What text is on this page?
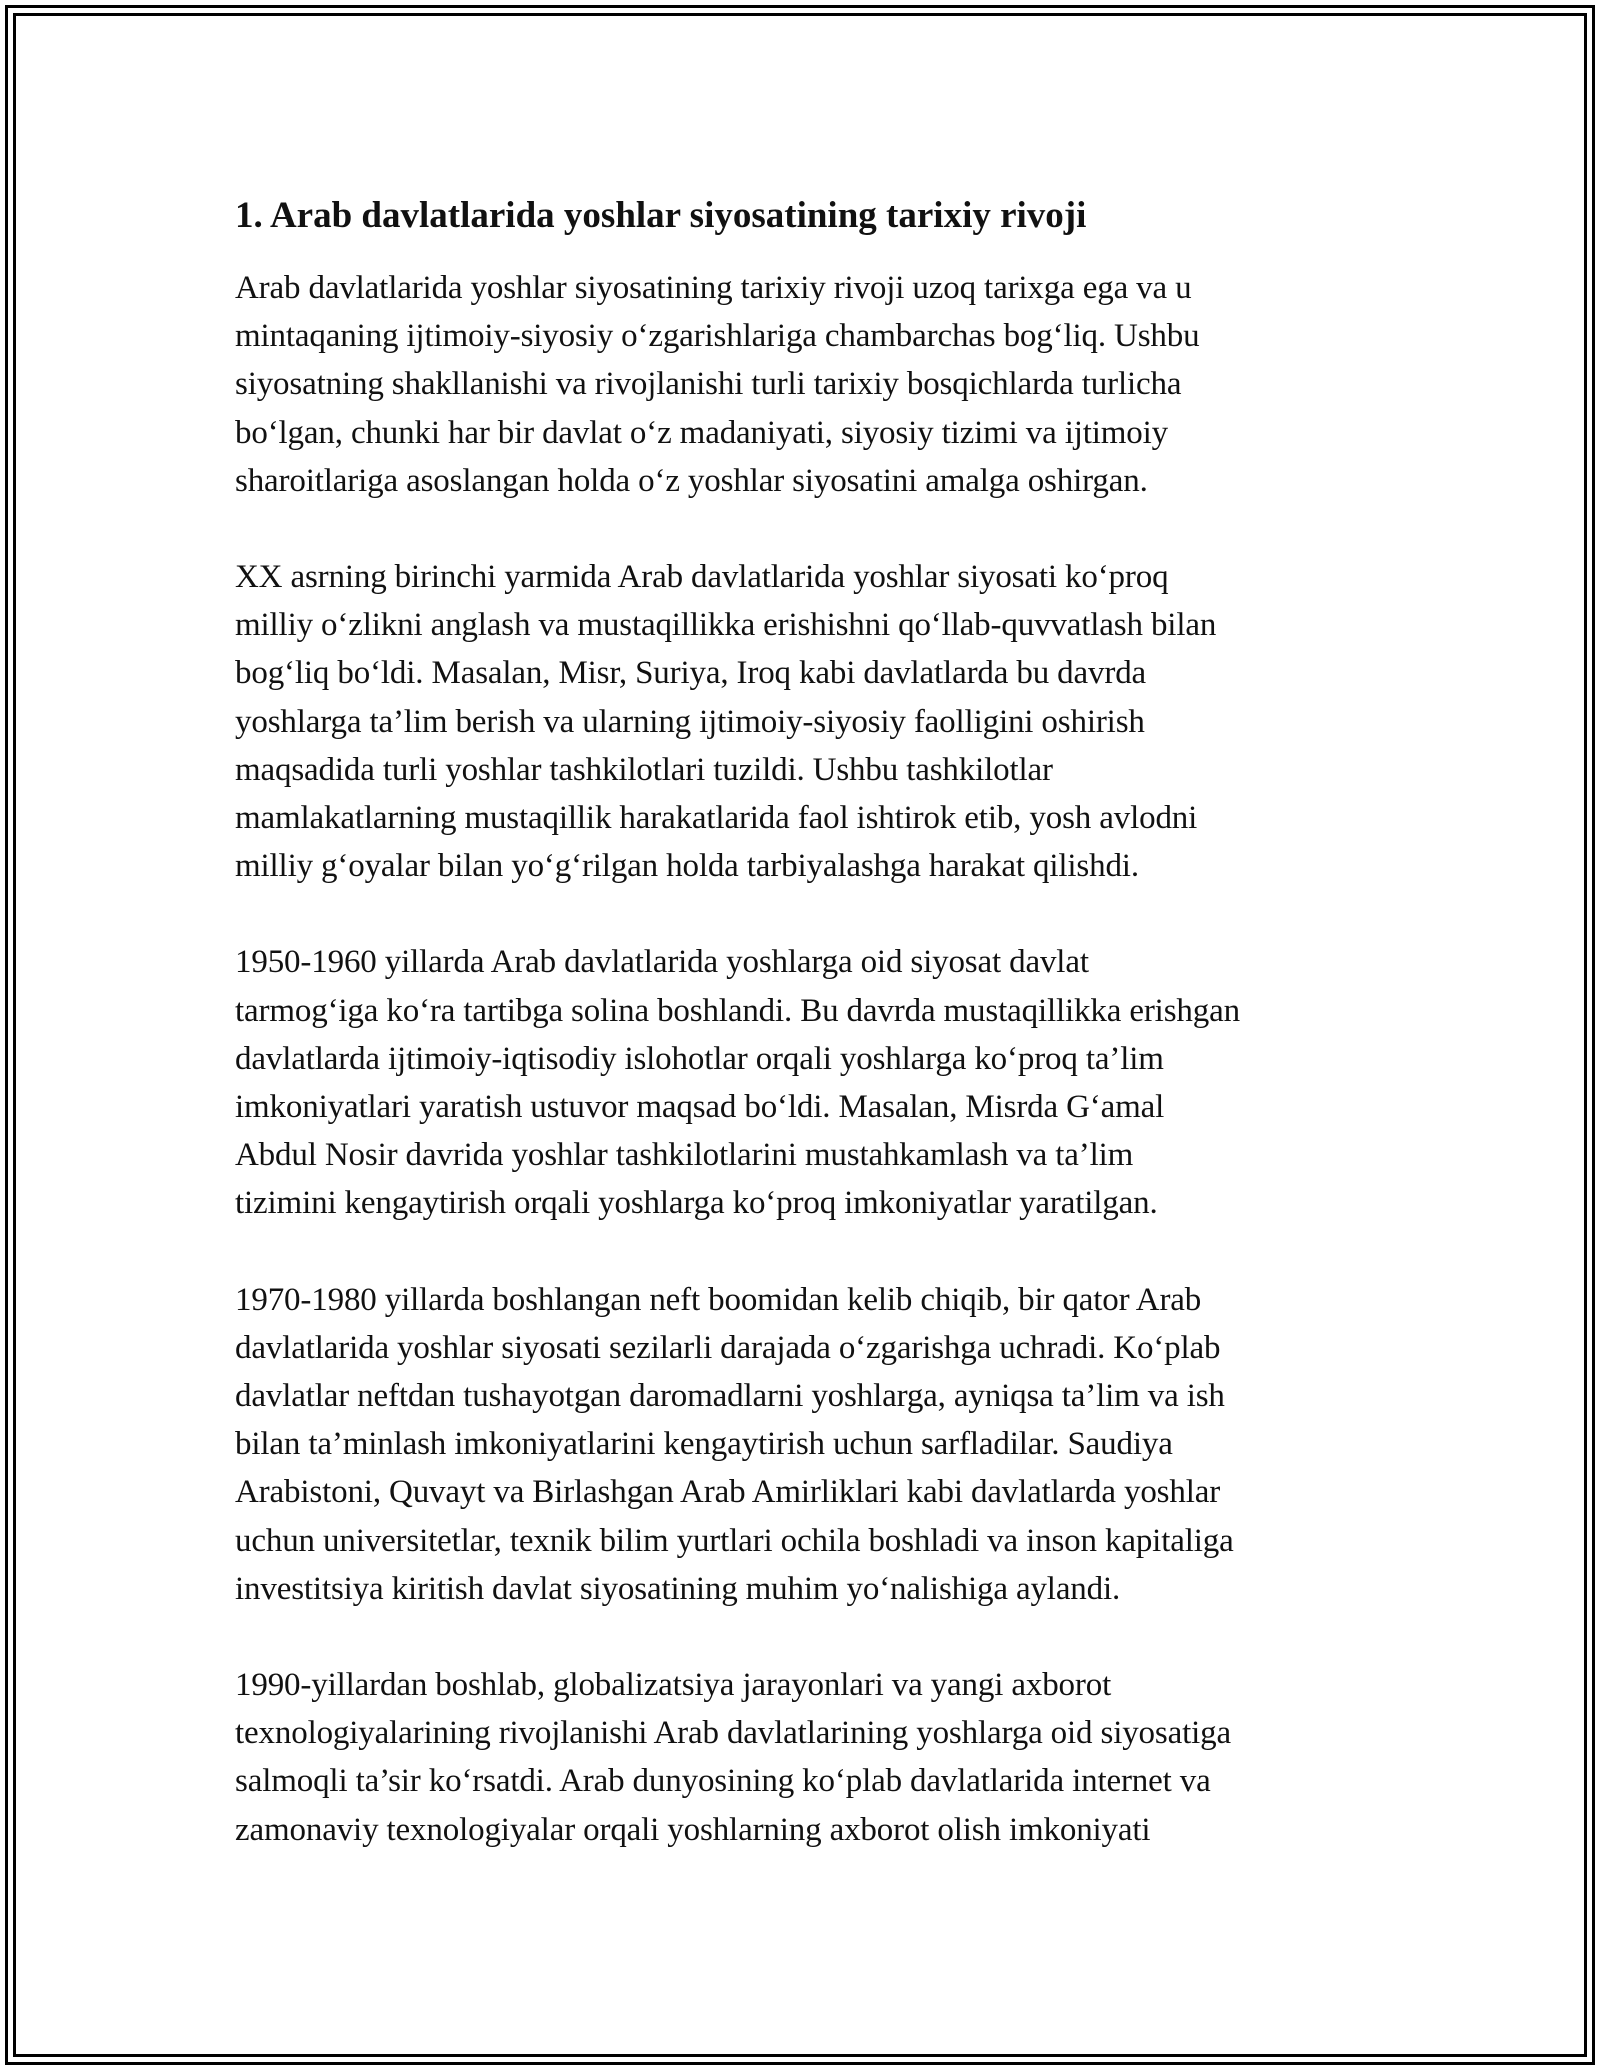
1. Arab davlatlarida yoshlar siyosatining tarixiy rivoji

Arab davlatlarida yoshlar siyosatining tarixiy rivoji uzoq tarixga ega va u
mintaqaning ijtimoiy-siyosiy o‘zgarishlariga chambarchas bog‘liq. Ushbu
siyosatning shakllanishi va rivojlanishi turli tarixiy bosqichlarda turlicha
bo‘lgan, chunki har bir davlat o‘z madaniyati, siyosiy tizimi va ijtimoiy
sharoitlariga asoslangan holda o‘z yoshlar siyosatini amalga oshirgan.

XX asrning birinchi yarmida Arab davlatlarida yoshlar siyosati ko‘proq
milliy o‘zlikni anglash va mustaqillikka erishishni qo‘llab-quvvatlash bilan
bog‘liq bo‘ldi. Masalan, Misr, Suriya, Iroq kabi davlatlarda bu davrda
yoshlarga ta’lim berish va ularning ijtimoiy-siyosiy faolligini oshirish
maqsadida turli yoshlar tashkilotlari tuzildi. Ushbu tashkilotlar
mamlakatlarning mustaqillik harakatlarida faol ishtirok etib, yosh avlodni
milliy g‘oyalar bilan yo‘g‘rilgan holda tarbiyalashga harakat qilishdi.

1950-1960 yillarda Arab davlatlarida yoshlarga oid siyosat davlat
tarmog‘iga ko‘ra tartibga solina boshlandi. Bu davrda mustaqillikka erishgan
davlatlarda ijtimoiy-iqtisodiy islohotlar orqali yoshlarga ko‘proq ta’lim
imkoniyatlari yaratish ustuvor maqsad bo‘ldi. Masalan, Misrda G‘amal
Abdul Nosir davrida yoshlar tashkilotlarini mustahkamlash va ta’lim
tizimini kengaytirish orqali yoshlarga ko‘proq imkoniyatlar yaratilgan.

1970-1980 yillarda boshlangan neft boomidan kelib chiqib, bir qator Arab
davlatlarida yoshlar siyosati sezilarli darajada o‘zgarishga uchradi. Ko‘plab
davlatlar neftdan tushayotgan daromadlarni yoshlarga, ayniqsa ta’lim va ish
bilan ta’minlash imkoniyatlarini kengaytirish uchun sarfladilar. Saudiya
Arabistoni, Quvayt va Birlashgan Arab Amirliklari kabi davlatlarda yoshlar
uchun universitetlar, texnik bilim yurtlari ochila boshladi va inson kapitaliga
investitsiya kiritish davlat siyosatining muhim yo‘nalishiga aylandi.

1990-yillardan boshlab, globalizatsiya jarayonlari va yangi axborot
texnologiyalarining rivojlanishi Arab davlatlarining yoshlarga oid siyosatiga
salmoqli ta’sir ko‘rsatdi. Arab dunyosining ko‘plab davlatlarida internet va
zamonaviy texnologiyalar orqali yoshlarning axborot olish imkoniyati
